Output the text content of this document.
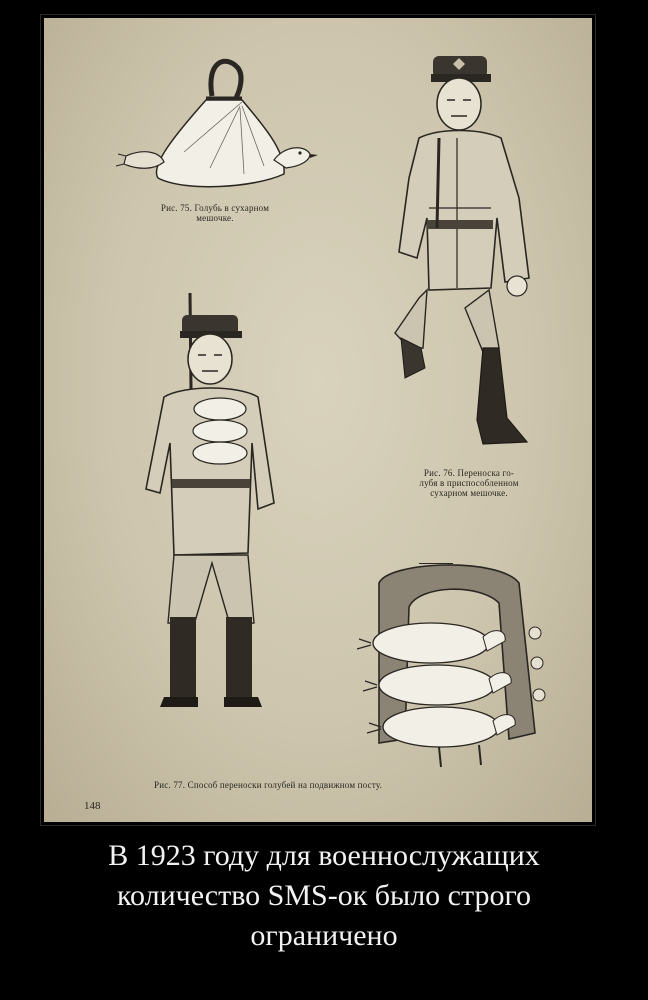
Рис. 75. Голубь в сухарном
мешочке.
Рис. 76. Переноска го-
лубя в приспособленном
сухарном мешочке.
Рис. 77. Способ переноски голубей на подвижном посту.
148
В 1923 году для военнослужащих
количество SMS-ок было строго
ограничено
